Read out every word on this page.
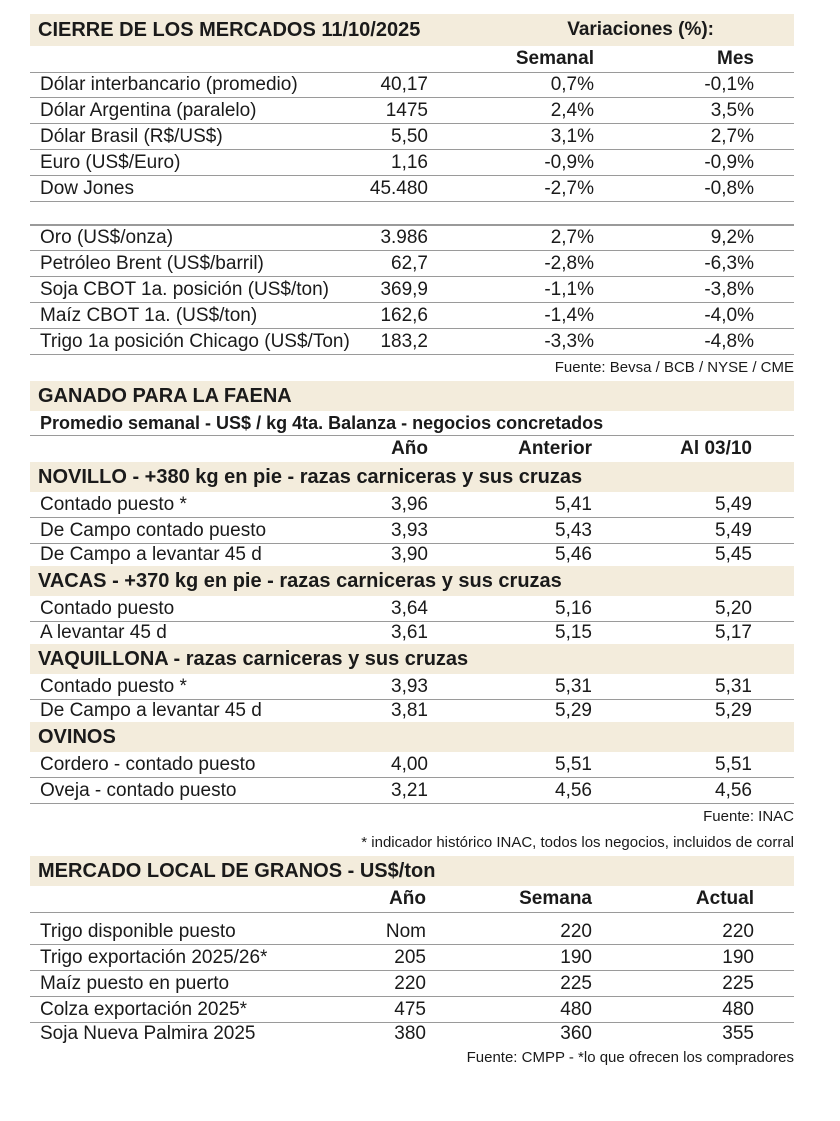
CIERRE DE LOS MERCADOS 11/10/2025	Variaciones (%):
Semanal	Mes
Dólar interbancario (promedio)	40,17	0,7%	-0,1%
Dólar Argentina (paralelo)	1475	2,4%	3,5%
Dólar Brasil (R$/US$)	5,50	3,1%	2,7%
Euro (US$/Euro)	1,16	-0,9%	-0,9%
Dow Jones	45.480	-2,7%	-0,8%
Oro (US$/onza)	3.986	2,7%	9,2%
Petróleo Brent (US$/barril)	62,7	-2,8%	-6,3%
Soja CBOT 1a. posición (US$/ton)	369,9	-1,1%	-3,8%
Maíz CBOT 1a. (US$/ton)	162,6	-1,4%	-4,0%
Trigo 1a posición Chicago (US$/Ton)	183,2	-3,3%	-4,8%
Fuente: Bevsa / BCB / NYSE / CME
GANADO PARA LA FAENA
Promedio semanal - US$ / kg 4ta. Balanza - negocios concretados
Año	Anterior	Al 03/10
NOVILLO - +380 kg en pie - razas carniceras y sus cruzas
Contado puesto *	3,96	5,41	5,49
De Campo contado puesto	3,93	5,43	5,49
De Campo a levantar 45 d	3,90	5,46	5,45
VACAS - +370 kg en pie - razas carniceras y sus cruzas
Contado puesto	3,64	5,16	5,20
A levantar 45 d	3,61	5,15	5,17
VAQUILLONA - razas carniceras y sus cruzas
Contado puesto *	3,93	5,31	5,31
De Campo a levantar 45 d	3,81	5,29	5,29
OVINOS
Cordero - contado puesto	4,00	5,51	5,51
Oveja - contado puesto	3,21	4,56	4,56
Fuente: INAC
* indicador histórico INAC, todos los negocios, incluidos de corral
MERCADO LOCAL DE GRANOS - US$/ton
Año	Semana	Actual
Trigo disponible puesto	Nom	220	220
Trigo exportación 2025/26*	205	190	190
Maíz puesto en puerto	220	225	225
Colza exportación 2025*	475	480	480
Soja Nueva Palmira 2025	380	360	355
Fuente: CMPP - *lo que ofrecen los compradores
